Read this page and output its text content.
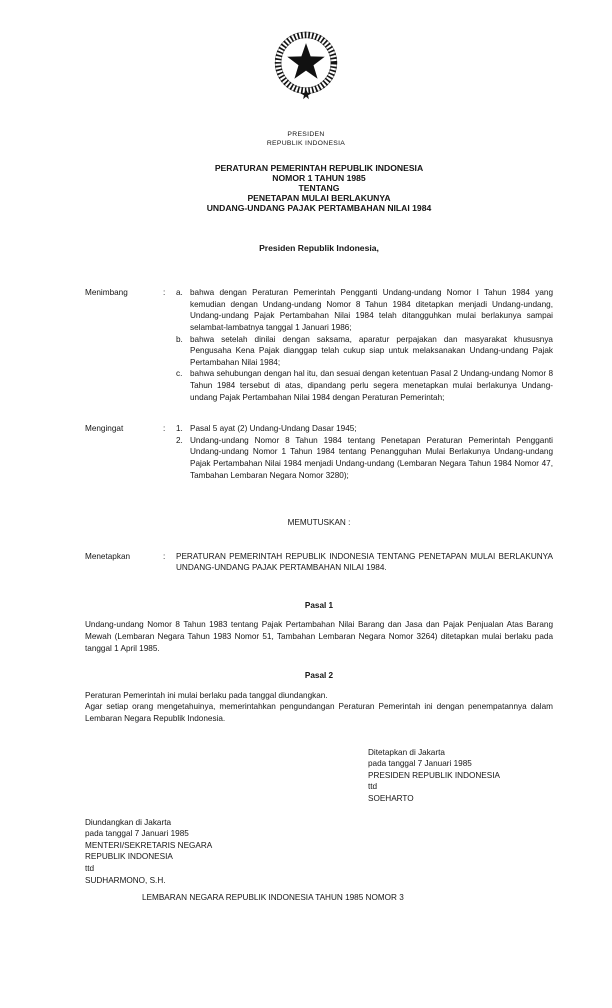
PRESIDEN
REPUBLIK INDONESIA
PERATURAN PEMERINTAH REPUBLIK INDONESIA
NOMOR 1 TAHUN 1985
TENTANG
PENETAPAN MULAI BERLAKUNYA
UNDANG-UNDANG PAJAK PERTAMBAHAN NILAI 1984
Presiden Republik Indonesia,
Menimbang	:	a. bahwa dengan Peraturan Pemerintah Pengganti Undang-undang Nomor I Tahun 1984 yang kemudian dengan Undang-undang Nomor 8 Tahun 1984 ditetapkan menjadi Undang-undang, Undang-undang Pajak Pertambahan Nilai 1984 telah ditangguhkan mulai berlakunya sampai selambat-lambatnya tanggal 1 Januari 1986;
b. bahwa setelah dinilai dengan saksama, aparatur perpajakan dan masyarakat khususnya Pengusaha Kena Pajak dianggap telah cukup siap untuk melaksanakan Undang-undang Pajak Pertambahan Nilai 1984;
c. bahwa sehubungan dengan hal itu, dan sesuai dengan ketentuan Pasal 2 Undang-undang Nomor 8 Tahun 1984 tersebut di atas, dipandang perlu segera menetapkan mulai berlakunya Undang-undang Pajak Pertambahan Nilai 1984 dengan Peraturan Pemerintah;
Mengingat	:	1. Pasal 5 ayat (2) Undang-Undang Dasar 1945;
2. Undang-undang Nomor 8 Tahun 1984 tentang Penetapan Peraturan Pemerintah Pengganti Undang-undang Nomor 1 Tahun 1984 tentang Penangguhan Mulai Berlakunya Undang-undang Pajak Pertambahan Nilai 1984 menjadi Undang-undang (Lembaran Negara Tahun 1984 Nomor 47, Tambahan Lembaran Negara Nomor 3280);
MEMUTUSKAN :
Menetapkan	:	PERATURAN PEMERINTAH REPUBLIK INDONESIA TENTANG PENETAPAN MULAI BERLAKUNYA UNDANG-UNDANG PAJAK PERTAMBAHAN NILAI 1984.
Pasal 1
Undang-undang Nomor 8 Tahun 1983 tentang Pajak Pertambahan Nilai Barang dan Jasa dan Pajak Penjualan Atas Barang Mewah (Lembaran Negara Tahun 1983 Nomor 51, Tambahan Lembaran Negara Nomor 3264) ditetapkan mulai berlaku pada tanggal 1 April 1985.
Pasal 2
Peraturan Pemerintah ini mulai berlaku pada tanggal diundangkan.
Agar setiap orang mengetahuinya, memerintahkan pengundangan Peraturan Pemerintah ini dengan penempatannya dalam Lembaran Negara Republik Indonesia.
Ditetapkan di Jakarta
pada tanggal 7 Januari 1985
PRESIDEN REPUBLIK INDONESIA
ttd
SOEHARTO
Diundangkan di Jakarta
pada tanggal 7 Januari 1985
MENTERI/SEKRETARIS NEGARA
REPUBLIK INDONESIA
ttd
SUDHARMONO, S.H.
LEMBARAN NEGARA REPUBLIK INDONESIA TAHUN 1985 NOMOR 3
